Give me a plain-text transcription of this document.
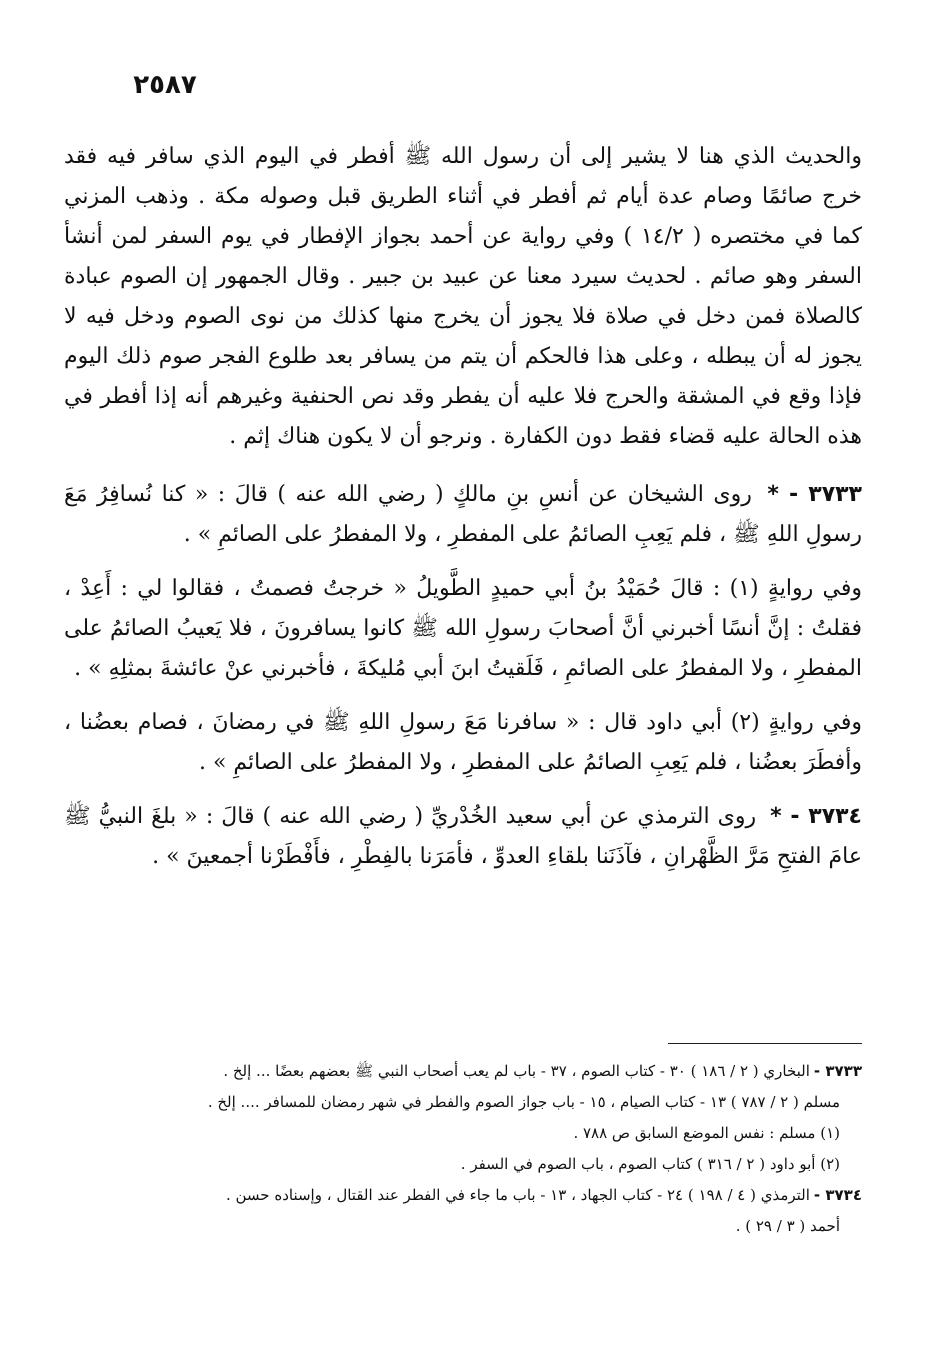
٢٥٨٧

والحديث الذي هنا لا يشير إلى أن رسول الله ﷺ أفطر في اليوم الذي سافر فيه فقد خرج صائمًا وصام عدة أيام ثم أفطر في أثناء الطريق قبل وصوله مكة . وذهب المزني كما في مختصره ( ١٤/٢ ) وفي رواية عن أحمد بجواز الإفطار في يوم السفر لمن أنشأ السفر وهو صائم . لحديث سيرد معنا عن عبيد بن جبير . وقال الجمهور إن الصوم عبادة كالصلاة فمن دخل في صلاة فلا يجوز أن يخرج منها كذلك من نوى الصوم ودخل فيه لا يجوز له أن يبطله ، وعلى هذا فالحكم أن يتم من يسافر بعد طلوع الفجر صوم ذلك اليوم فإذا وقع في المشقة والحرج فلا عليه أن يفطر وقد نص الحنفية وغيرهم أنه إذا أفطر في هذه الحالة عليه قضاء فقط دون الكفارة . ونرجو أن لا يكون هناك إثم .

٣٧٣٣ - * روى الشيخان عن أنسِ بنِ مالكٍ ( رضي الله عنه ) قالَ : « كنا نُسافِرُ مَعَ رسولِ اللهِ ﷺ ، فلم يَعِبِ الصائمُ على المفطرِ ، ولا المفطرُ على الصائمِ » .

وفي روايةٍ (١) : قالَ حُمَيْدُ بنُ أبي حميدٍ الطَّويلُ « خرجتُ فصمتُ ، فقالوا لي : أَعِدْ ، فقلتُ : إنَّ أنسًا أخبرني أنَّ أصحابَ رسولِ الله ﷺ كانوا يسافرونَ ، فلا يَعيبُ الصائمُ على المفطرِ ، ولا المفطرُ على الصائمِ ، فَلَقيتُ ابنَ أبي مُليكةَ ، فأخبرني عنْ عائشةَ بمثلِهِ » .

وفي روايةٍ (٢) أبي داود قال : « سافرنا مَعَ رسولِ اللهِ ﷺ في رمضانَ ، فصام بعضُنا ، وأفطَرَ بعضُنا ، فلم يَعِبِ الصائمُ على المفطرِ ، ولا المفطرُ على الصائمِ » .

٣٧٣٤ - * روى الترمذي عن أبي سعيد الخُدْريِّ ( رضي الله عنه ) قالَ : « بلغَ النبيُّ ﷺ عامَ الفتحِ مَرَّ الظَّهْرانِ ، فآذَنَنا بلقاءِ العدوِّ ، فأمَرَنا بالفِطْرِ ، فأَفْطَرْنا أجمعينَ » .

٣٧٣٣ -البخاري ( ٢ / ١٨٦ ) ٣٠ - كتاب الصوم ، ٣٧ - باب لم يعب أصحاب النبي ﷺ بعضهم بعضًا ... إلخ .

مسلم ( ٢ / ٧٨٧ ) ١٣ - كتاب الصيام ، ١٥ - باب جواز الصوم والفطر في شهر رمضان للمسافر .... إلخ .

(١) مسلم : نفس الموضع السابق ص ٧٨٨ .

(٢) أبو داود ( ٢ / ٣١٦ ) كتاب الصوم ، باب الصوم في السفر .

٣٧٣٤ -الترمذي ( ٤ / ١٩٨ ) ٢٤ - كتاب الجهاد ، ١٣ - باب ما جاء في الفطر عند القتال ، وإسناده حسن .

أحمد ( ٣ / ٢٩ ) .
